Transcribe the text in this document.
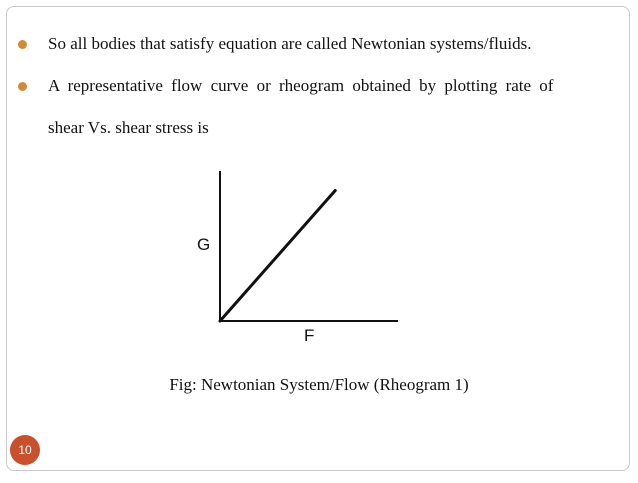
So all bodies that satisfy equation are called Newtonian systems/fluids.
A representative flow curve or rheogram obtained by plotting rate of
shear Vs. shear stress is
G
F
Fig: Newtonian System/Flow (Rheogram 1)
10
